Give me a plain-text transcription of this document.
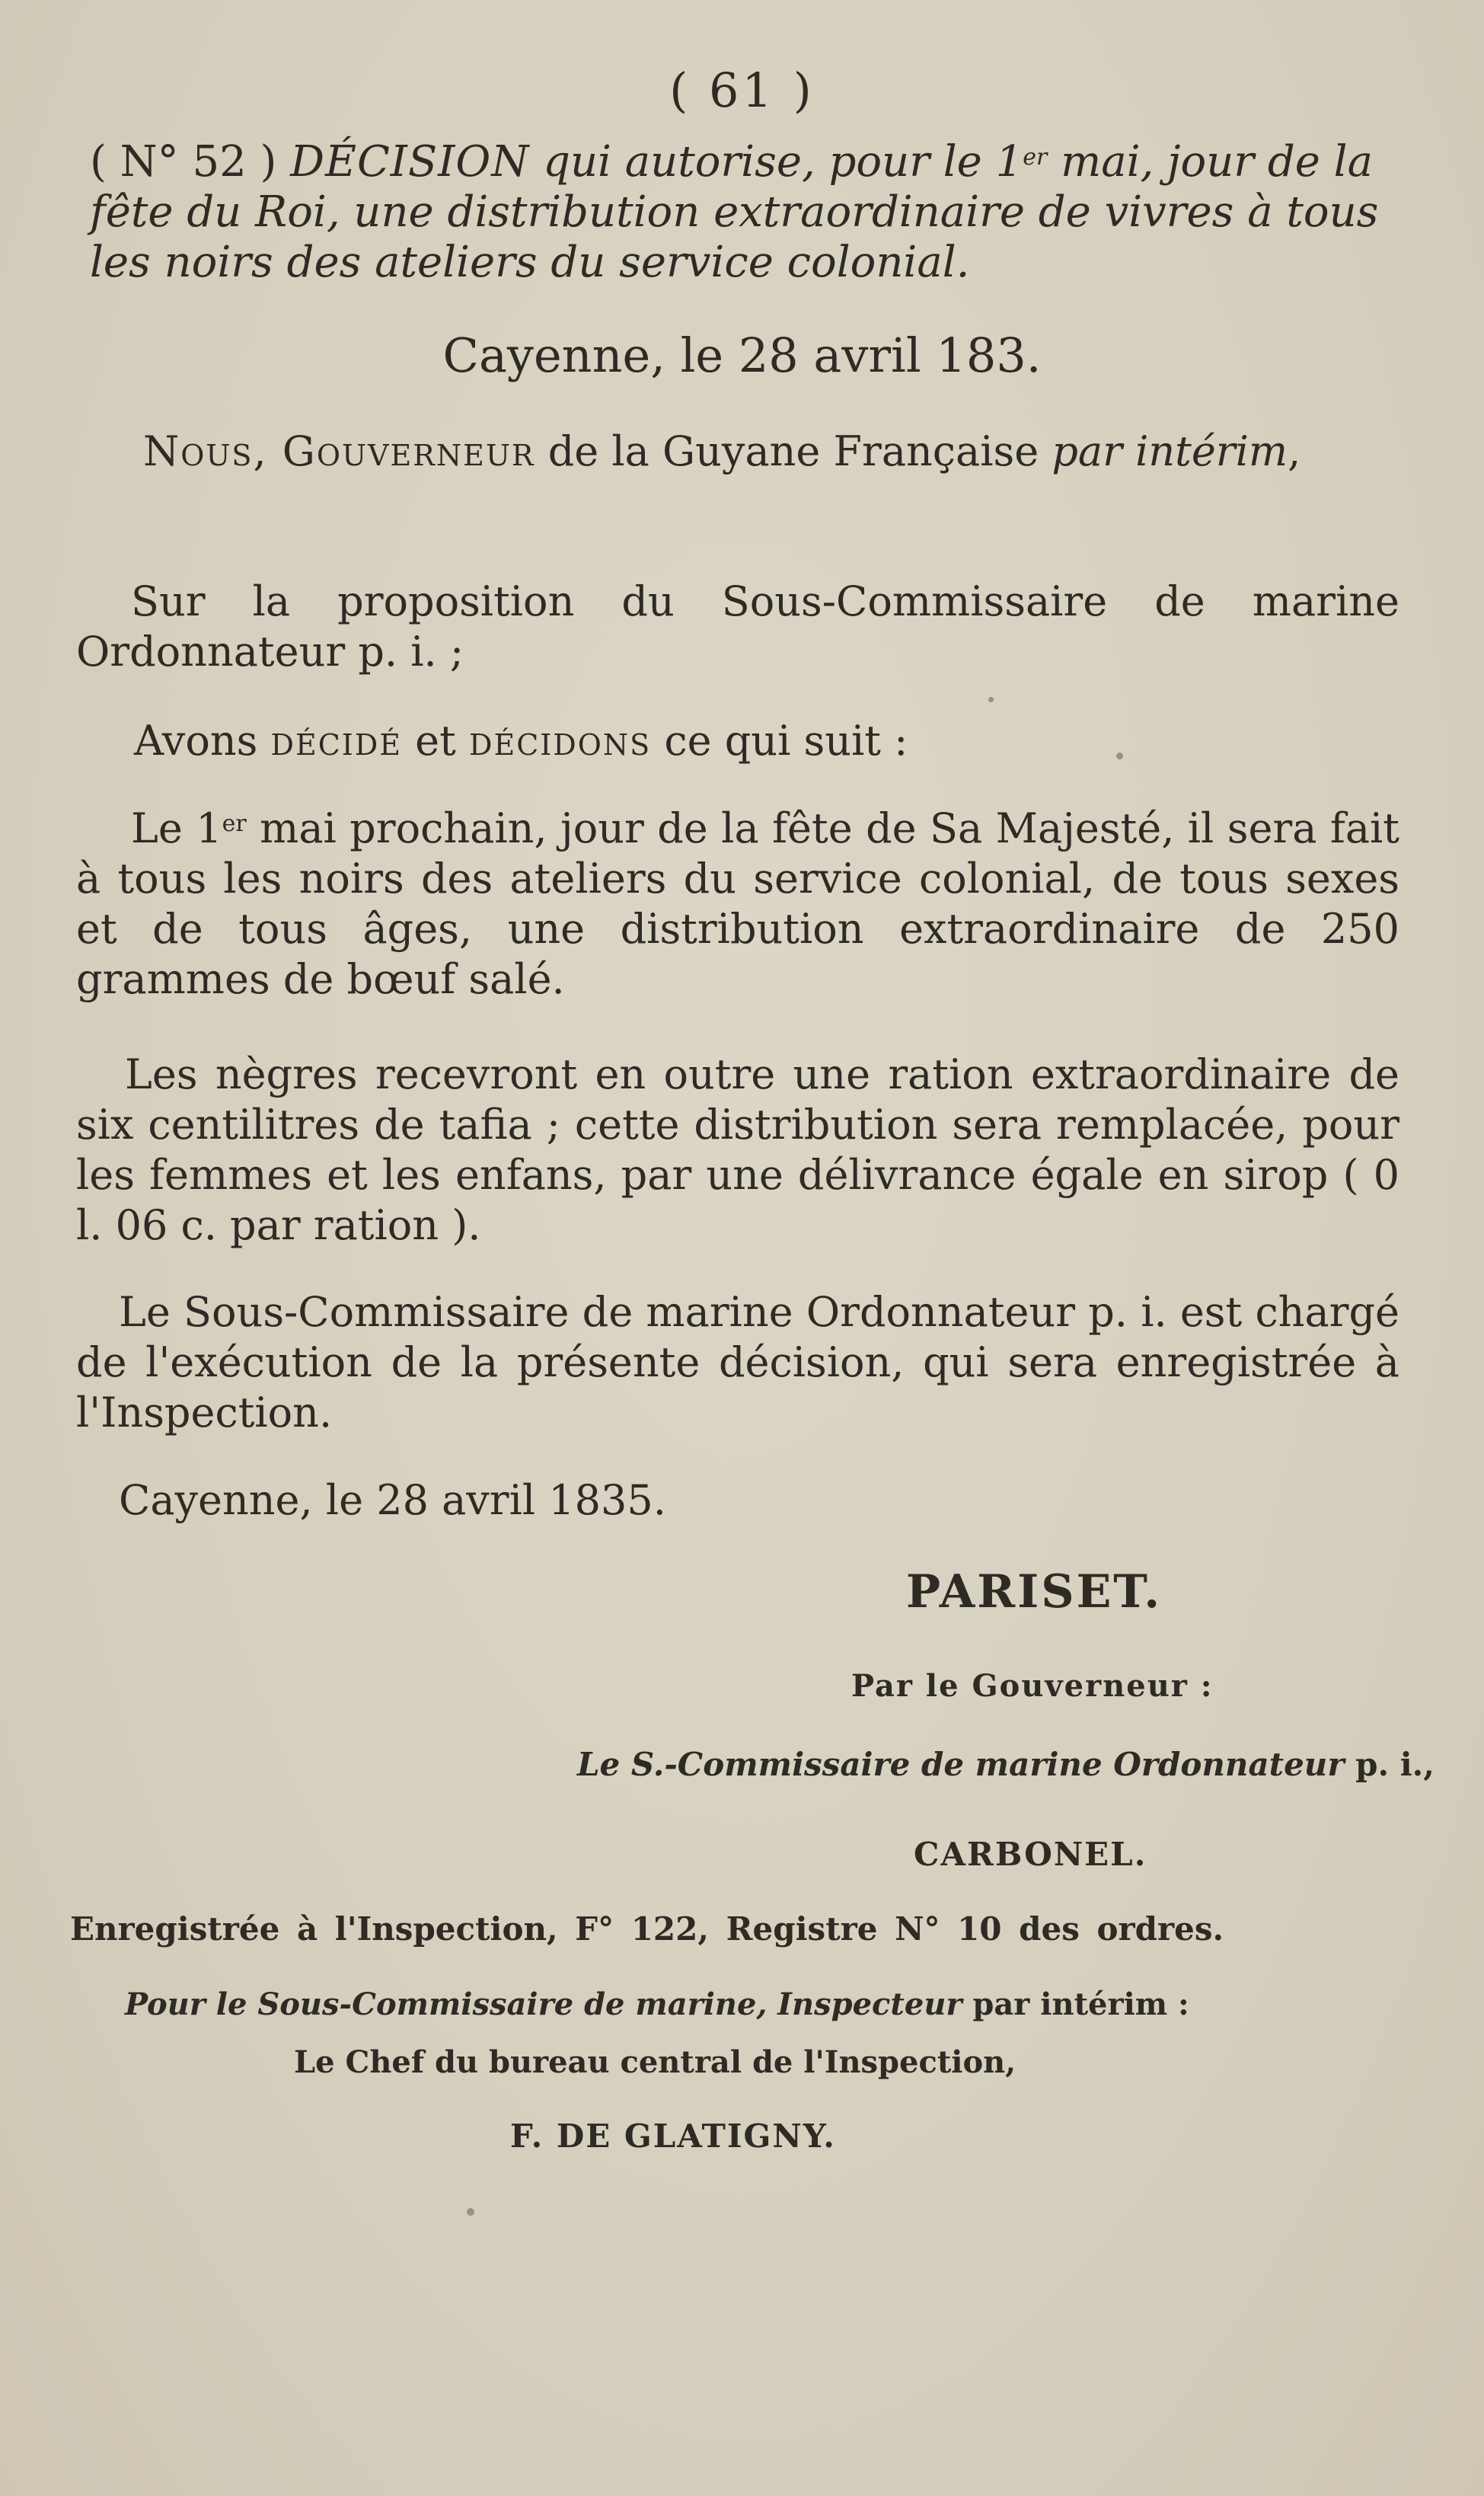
( 61 )
( N° 52 ) DÉCISION qui autorise, pour le 1er mai, jour de la fête du Roi, une distribution extraordinaire de vivres à tous les noirs des ateliers du service colonial.
Cayenne, le 28 avril 183.
Nous, Gouverneur de la Guyane Française par intérim,
Sur la proposition du Sous-Commissaire de marine Ordonnateur p. i. ;
Avons décidé et décidons ce qui suit :
Le 1er mai prochain, jour de la fête de Sa Majesté, il sera fait à tous les noirs des ateliers du service colonial, de tous sexes et de tous âges, une distribution extraordinaire de 250 grammes de bœuf salé.
Les nègres recevront en outre une ration extraordinaire de six centilitres de tafia ; cette distribution sera remplacée, pour les femmes et les enfans, par une délivrance égale en sirop ( 0 l. 06 c. par ration ).
Le Sous-Commissaire de marine Ordonnateur p. i. est chargé de l'exécution de la présente décision, qui sera enregistrée à l'Inspection.
Cayenne, le 28 avril 1835.
PARISET.
Par le Gouverneur :
Le S.-Commissaire de marine Ordonnateur p. i.,
CARBONEL.
Enregistrée à l'Inspection, F° 122, Registre N° 10 des ordres.
Pour le Sous-Commissaire de marine, Inspecteur par intérim :
Le Chef du bureau central de l'Inspection,
F. DE GLATIGNY.
